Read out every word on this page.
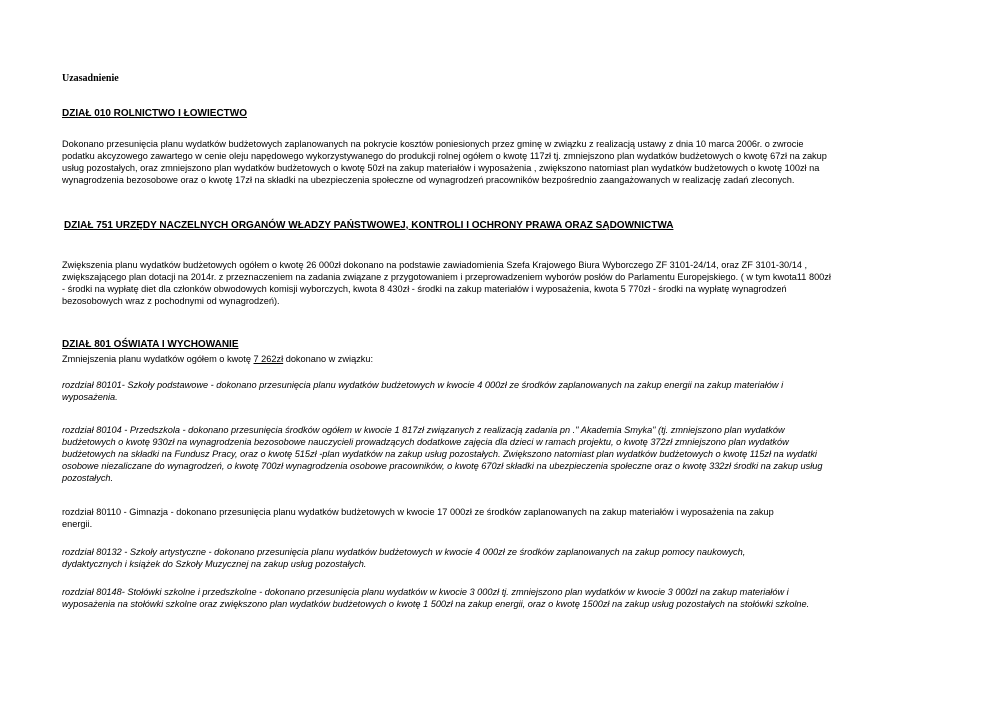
Uzasadnienie
DZIAŁ 010 ROLNICTWO I ŁOWIECTWO
Dokonano przesunięcia planu wydatków budżetowych zaplanowanych na pokrycie kosztów poniesionych przez gminę w związku z realizacją ustawy z dnia 10 marca 2006r. o zwrocie podatku akcyzowego zawartego w cenie oleju napędowego wykorzystywanego do produkcji rolnej ogółem o kwotę 117zł tj. zmniejszono plan wydatków budżetowych o kwotę 67zł na zakup usług pozostałych, oraz zmniejszono plan wydatków budżetowych o kwotę 50zł na zakup materiałów i wyposażenia , zwiększono natomiast plan wydatków budżetowych o kwotę 100zł na wynagrodzenia bezosobowe oraz o kwotę 17zł na składki na ubezpieczenia społeczne od wynagrodzeń pracowników bezpośrednio zaangażowanych w realizację zadań zleconych.
DZIAŁ 751 URZĘDY NACZELNYCH ORGANÓW WŁADZY PAŃSTWOWEJ, KONTROLI I OCHRONY PRAWA ORAZ SĄDOWNICTWA
Zwiększenia planu wydatków budżetowych ogółem o kwotę 26 000zł dokonano na podstawie zawiadomienia Szefa Krajowego Biura Wyborczego ZF 3101-24/14, oraz ZF 3101-30/14 , zwiększającego plan dotacji na 2014r. z przeznaczeniem na zadania związane z przygotowaniem i przeprowadzeniem wyborów posłów do Parlamentu Europejskiego. ( w tym kwota11 800zł - środki na wypłatę diet dla członków obwodowych komisji wyborczych, kwota 8 430zł - środki na zakup materiałów i wyposażenia, kwota 5 770zł - środki na wypłatę wynagrodzeń bezosobowych wraz z pochodnymi od wynagrodzeń).
DZIAŁ 801 OŚWIATA I WYCHOWANIE
Zmniejszenia planu wydatków ogółem o kwotę 7 262zł dokonano w związku:
rozdział 80101- Szkoły podstawowe - dokonano przesunięcia planu wydatków budżetowych w kwocie 4 000zł ze środków zaplanowanych na zakup energii na zakup materiałów i wyposażenia.
rozdział 80104 - Przedszkola - dokonano przesunięcia środków ogółem w kwocie 1 817zł związanych z realizacją zadania pn ." Akademia Smyka" (tj. zmniejszono plan wydatków budżetowych o kwotę 930zł na wynagrodzenia bezosobowe nauczycieli prowadzących dodatkowe zajęcia dla dzieci w ramach projektu, o kwotę 372zł zmniejszono plan wydatków budżetowych na składki na Fundusz Pracy, oraz o kwotę 515zł -plan wydatków na zakup usług pozostałych. Zwiększono natomiast plan wydatków budżetowych o kwotę 115zł na wydatki osobowe niezaliczane do wynagrodzeń, o kwotę 700zł wynagrodzenia osobowe pracowników, o kwotę 670zł składki na ubezpieczenia społeczne oraz o kwotę 332zł środki na zakup usług pozostałych.
rozdział 80110 - Gimnazja - dokonano przesunięcia planu wydatków budżetowych w kwocie 17 000zł ze środków zaplanowanych na zakup materiałów i wyposażenia na zakup energii.
rozdział 80132 - Szkoły artystyczne - dokonano przesunięcia planu wydatków budżetowych w kwocie 4 000zł ze środków zaplanowanych na zakup pomocy naukowych, dydaktycznych i książek do Szkoły Muzycznej na zakup usług pozostałych.
rozdział 80148- Stołówki szkolne i przedszkolne - dokonano przesunięcia planu wydatków w kwocie 3 000zł tj. zmniejszono plan wydatków w kwocie 3 000zł na zakup materiałów i wyposażenia na stołówki szkolne oraz zwiększono plan wydatków budżetowych o kwotę 1 500zł na zakup energii, oraz o kwotę 1500zł na zakup usług pozostałych na stołówki szkolne.
